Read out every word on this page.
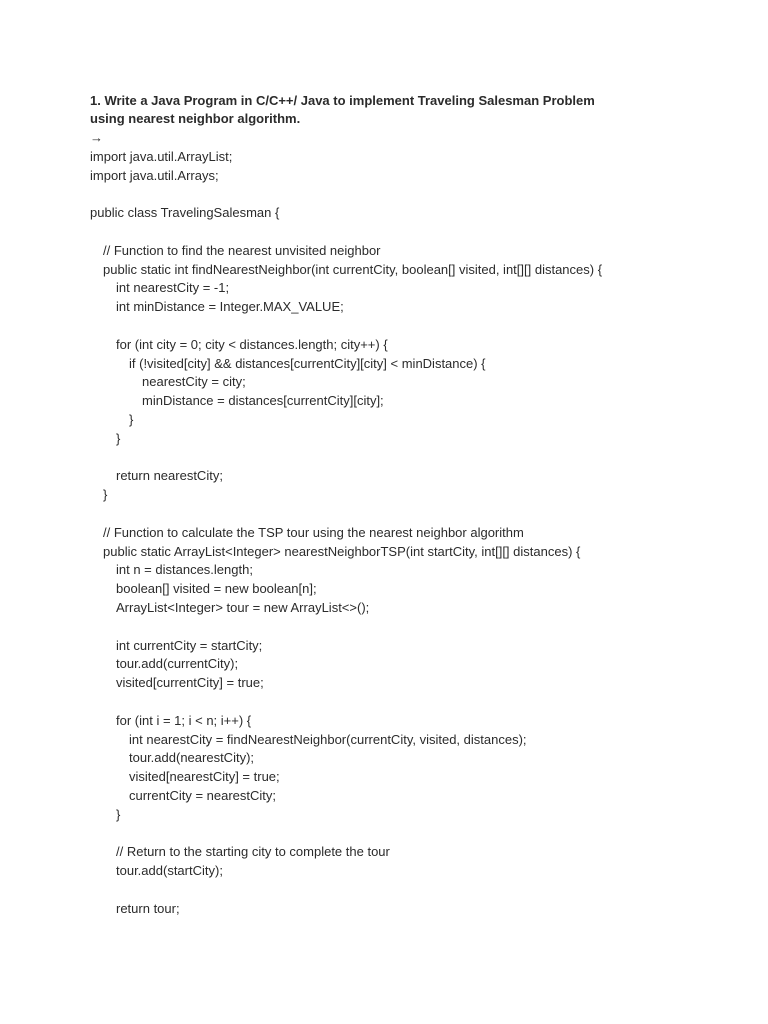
1. Write a Java Program in C/C++/ Java to implement Traveling Salesman Problem
using nearest neighbor algorithm.
→
import java.util.ArrayList;
import java.util.Arrays;
public class TravelingSalesman {
// Function to find the nearest unvisited neighbor
public static int findNearestNeighbor(int currentCity, boolean[] visited, int[][] distances) {
int nearestCity = -1;
int minDistance = Integer.MAX_VALUE;
for (int city = 0; city < distances.length; city++) {
if (!visited[city] && distances[currentCity][city] < minDistance) {
nearestCity = city;
minDistance = distances[currentCity][city];
}
}
return nearestCity;
}
// Function to calculate the TSP tour using the nearest neighbor algorithm
public static ArrayList<Integer> nearestNeighborTSP(int startCity, int[][] distances) {
int n = distances.length;
boolean[] visited = new boolean[n];
ArrayList<Integer> tour = new ArrayList<>();
int currentCity = startCity;
tour.add(currentCity);
visited[currentCity] = true;
for (int i = 1; i < n; i++) {
int nearestCity = findNearestNeighbor(currentCity, visited, distances);
tour.add(nearestCity);
visited[nearestCity] = true;
currentCity = nearestCity;
}
// Return to the starting city to complete the tour
tour.add(startCity);
return tour;
